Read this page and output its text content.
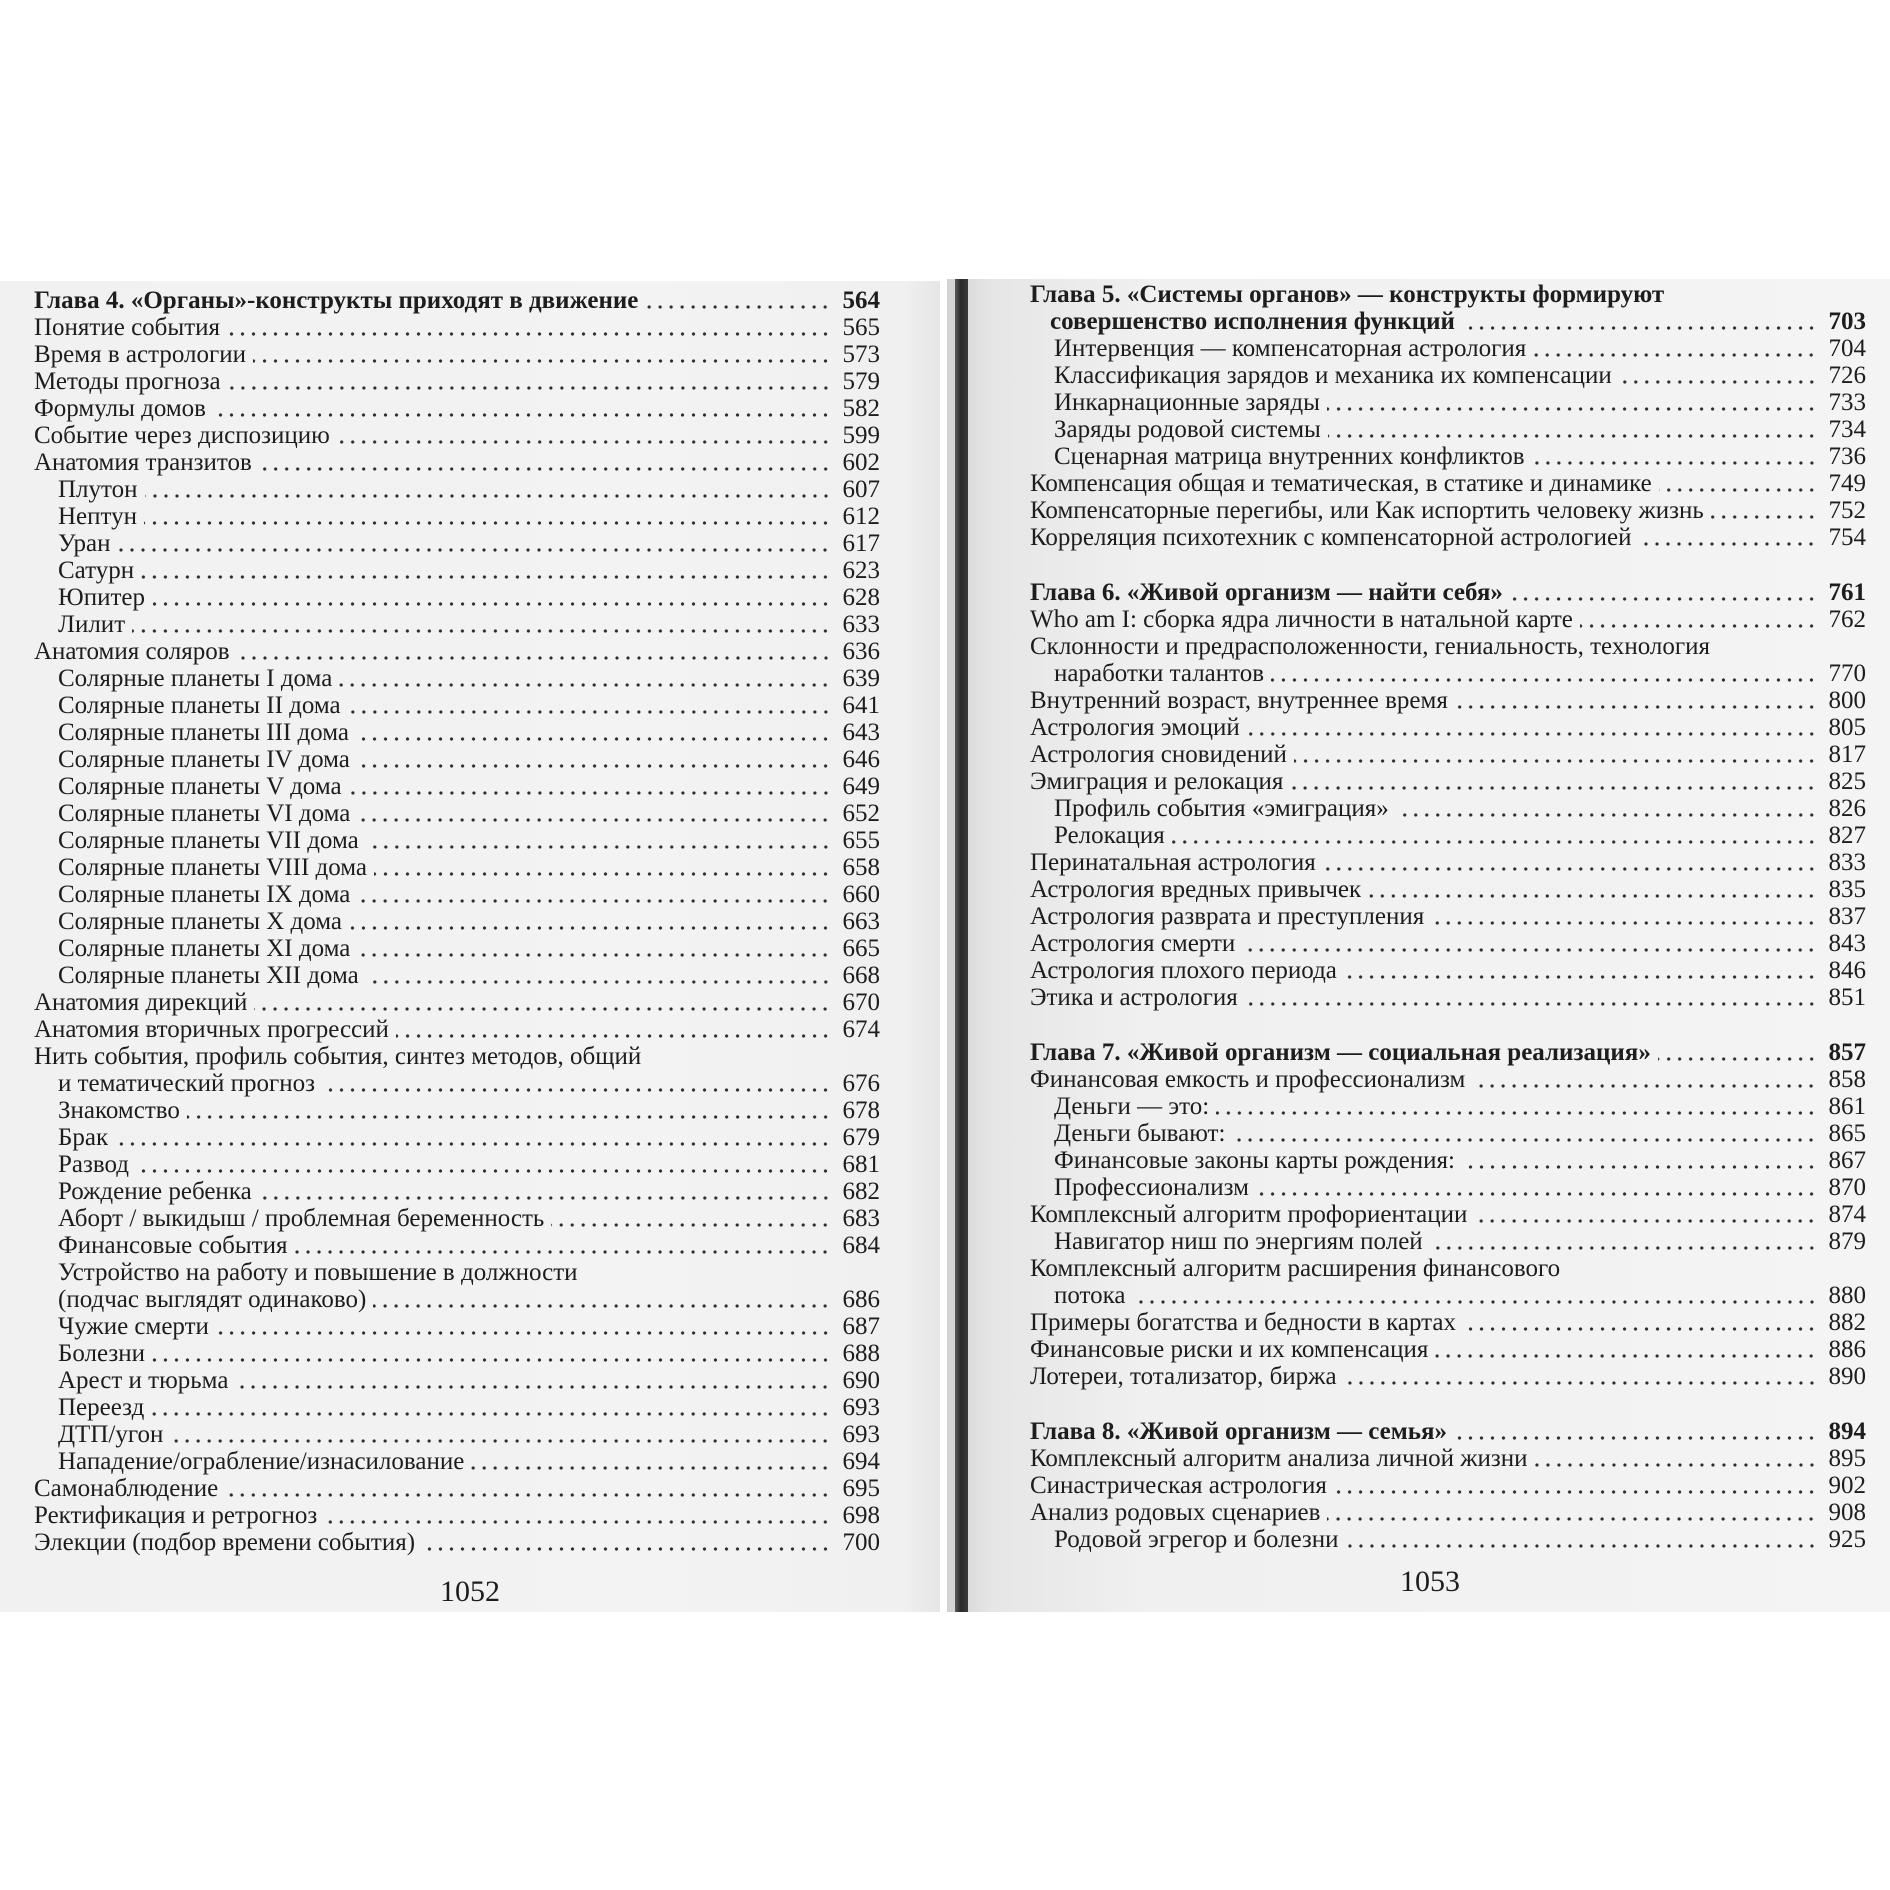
Глава 4. «Органы»-конструкты приходят в движение	564
Понятие события	565
Время в астрологии	573
Методы прогноза	579
Формулы домов	582
Событие через диспозицию	599
Анатомия транзитов	602
Плутон	607
Нептун	612
Уран	617
Сатурн	623
Юпитер	628
Лилит	633
Анатомия соляров	636
Солярные планеты I дома	639
Солярные планеты II дома	641
Солярные планеты III дома	643
Солярные планеты IV дома	646
Солярные планеты V дома	649
Солярные планеты VI дома	652
Солярные планеты VII дома	655
Солярные планеты VIII дома	658
Солярные планеты IX дома	660
Солярные планеты X дома	663
Солярные планеты XI дома	665
Солярные планеты XII дома	668
Анатомия дирекций	670
Анатомия вторичных прогрессий	674
Нить события, профиль события, синтез методов, общий
и тематический прогноз	676
Знакомство	678
Брак	679
Развод	681
Рождение ребенка	682
Аборт / выкидыш / проблемная беременность	683
Финансовые события	684
Устройство на работу и повышение в должности
(подчас выглядят одинаково)	686
Чужие смерти	687
Болезни	688
Арест и тюрьма	690
Переезд	693
ДТП/угон	693
Нападение/ограбление/изнасилование	694
Самонаблюдение	695
Ректификация и ретрогноз	698
Элекции (подбор времени события)	700
Глава 5. «Системы органов» — конструкты формируют
совершенство исполнения функций	703
Интервенция — компенсаторная астрология	704
Классификация зарядов и механика их компенсации	726
Инкарнационные заряды	733
Заряды родовой системы	734
Сценарная матрица внутренних конфликтов	736
Компенсация общая и тематическая, в статике и динамике	749
Компенсаторные перегибы, или Как испортить человеку жизнь	752
Корреляция психотехник с компенсаторной астрологией	754
Глава 6. «Живой организм — найти себя»	761
Who am I: сборка ядра личности в натальной карте	762
Склонности и предрасположенности, гениальность, технология
наработки талантов	770
Внутренний возраст, внутреннее время	800
Астрология эмоций	805
Астрология сновидений	817
Эмиграция и релокация	825
Профиль события «эмиграция»	826
Релокация	827
Перинатальная астрология	833
Астрология вредных привычек	835
Астрология разврата и преступления	837
Астрология смерти	843
Астрология плохого периода	846
Этика и астрология	851
Глава 7. «Живой организм — социальная реализация»	857
Финансовая емкость и профессионализм	858
Деньги — это:	861
Деньги бывают:	865
Финансовые законы карты рождения:	867
Профессионализм	870
Комплексный алгоритм профориентации	874
Навигатор ниш по энергиям полей	879
Комплексный алгоритм расширения финансового
потока	880
Примеры богатства и бедности в картах	882
Финансовые риски и их компенсация	886
Лотереи, тотализатор, биржа	890
Глава 8. «Живой организм — семья»	894
Комплексный алгоритм анализа личной жизни	895
Синастрическая астрология	902
Анализ родовых сценариев	908
Родовой эгрегор и болезни	925
1052	1053
